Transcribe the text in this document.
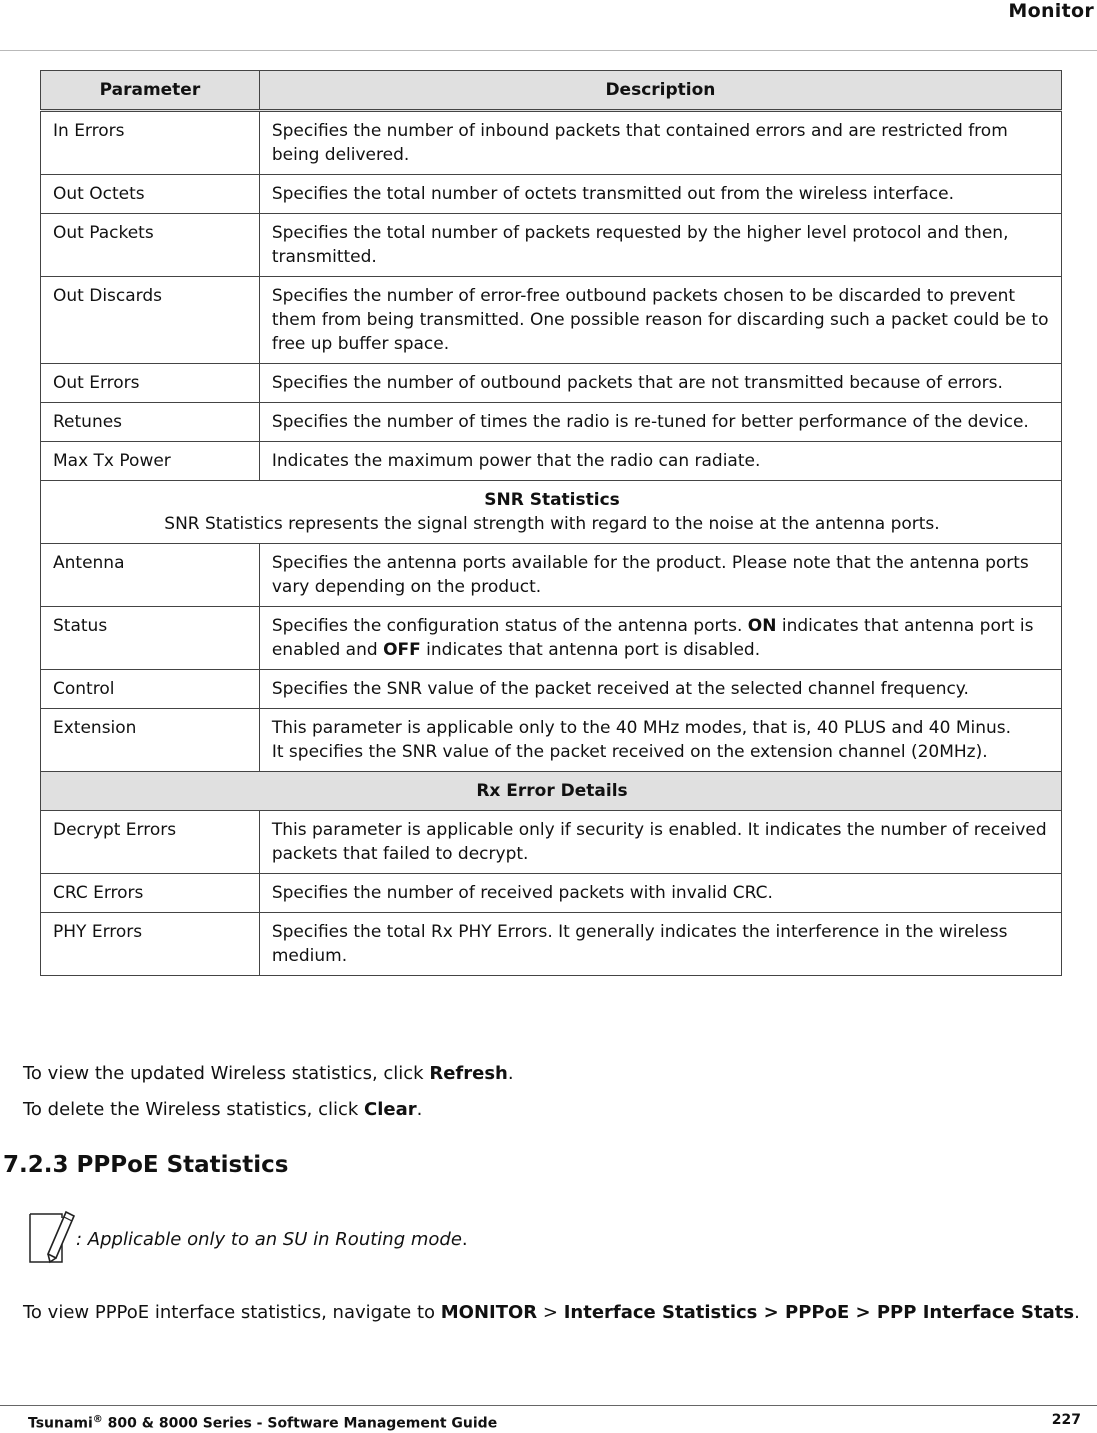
Monitor
Parameter	Description
In Errors	Specifies the number of inbound packets that contained errors and are restricted from being delivered.
Out Octets	Specifies the total number of octets transmitted out from the wireless interface.
Out Packets	Specifies the total number of packets requested by the higher level protocol and then, transmitted.
Out Discards	Specifies the number of error-free outbound packets chosen to be discarded to prevent them from being transmitted. One possible reason for discarding such a packet could be to free up buffer space.
Out Errors	Specifies the number of outbound packets that are not transmitted because of errors.
Retunes	Specifies the number of times the radio is re-tuned for better performance of the device.
Max Tx Power	Indicates the maximum power that the radio can radiate.

SNR Statistics
SNR Statistics represents the signal strength with regard to the noise at the antenna ports.	

Antenna	Specifies the antenna ports available for the product. Please note that the antenna ports vary depending on the product.
Status	Specifies the configuration status of the antenna ports. ON indicates that antenna port is enabled and OFF indicates that antenna port is disabled.
Control	Specifies the SNR value of the packet received at the selected channel frequency.
Extension	This parameter is applicable only to the 40 MHz modes, that is, 40 PLUS and 40 Minus.
It specifies the SNR value of the packet received on the extension channel (20MHz).

Rx Error Details	
Decrypt Errors	This parameter is applicable only if security is enabled. It indicates the number of received packets that failed to decrypt.
CRC Errors	Specifies the number of received packets with invalid CRC.
PHY Errors	Specifies the total Rx PHY Errors. It generally indicates the interference in the wireless medium.
To view the updated Wireless statistics, click Refresh.
To delete the Wireless statistics, click Clear.
7.2.3 PPPoE Statistics
: Applicable only to an SU in Routing mode.
To view PPPoE interface statistics, navigate to MONITOR > Interface Statistics > PPPoE > PPP Interface Stats.
Tsunami® 800 & 8000 Series - Software Management Guide	227
